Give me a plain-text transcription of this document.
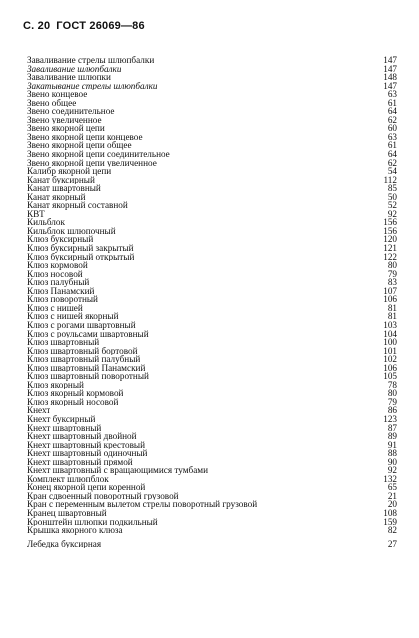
С. 20 ГОСТ 26069—86
Заваливание стрелы шлюпбалки	147
Заваливание шлюпбалки	147
Заваливание шлюпки	148
Закатывание стрелы шлюпбалки	147
Звено концевое	63
Звено общее	61
Звено соединительное	64
Звено увеличенное	62
Звено якорной цепи	60
Звено якорной цепи концевое	63
Звено якорной цепи общее	61
Звено якорной цепи соединительное	64
Звено якорной цепи увеличенное	62
Калибр якорной цепи	54
Канат буксирный	112
Канат швартовный	85
Канат якорный	50
Канат якорный составной	52
КВТ	92
Кильблок	156
Кильблок шлюпочный	156
Клюз буксирный	120
Клюз буксирный закрытый	121
Клюз буксирный открытый	122
Клюз кормовой	80
Клюз носовой	79
Клюз палубный	83
Клюз Панамский	107
Клюз поворотный	106
Клюз с нишей	81
Клюз с нишей якорный	81
Клюз с рогами швартовный	103
Клюз с роульсами швартовный	104
Клюз швартовный	100
Клюз швартовный бортовой	101
Клюз швартовный палубный	102
Клюз швартовный Панамский	106
Клюз швартовный поворотный	105
Клюз якорный	78
Клюз якорный кормовой	80
Клюз якорный носовой	79
Кнехт	86
Кнехт буксирный	123
Кнехт швартовный	87
Кнехт швартовный двойной	89
Кнехт швартовный крестовый	91
Кнехт швартовный одиночный	88
Кнехт швартовный прямой	90
Кнехт швартовный с вращающимися тумбами	92
Комплект шлюпблок	132
Конец якорной цепи коренной	65
Кран сдвоенный поворотный грузовой	21
Кран с переменным вылетом стрелы поворотный грузовой	20
Кранец швартовный	108
Кронштейн шлюпки подкильный	159
Крышка якорного клюза	82
Лебедка буксирная	27
